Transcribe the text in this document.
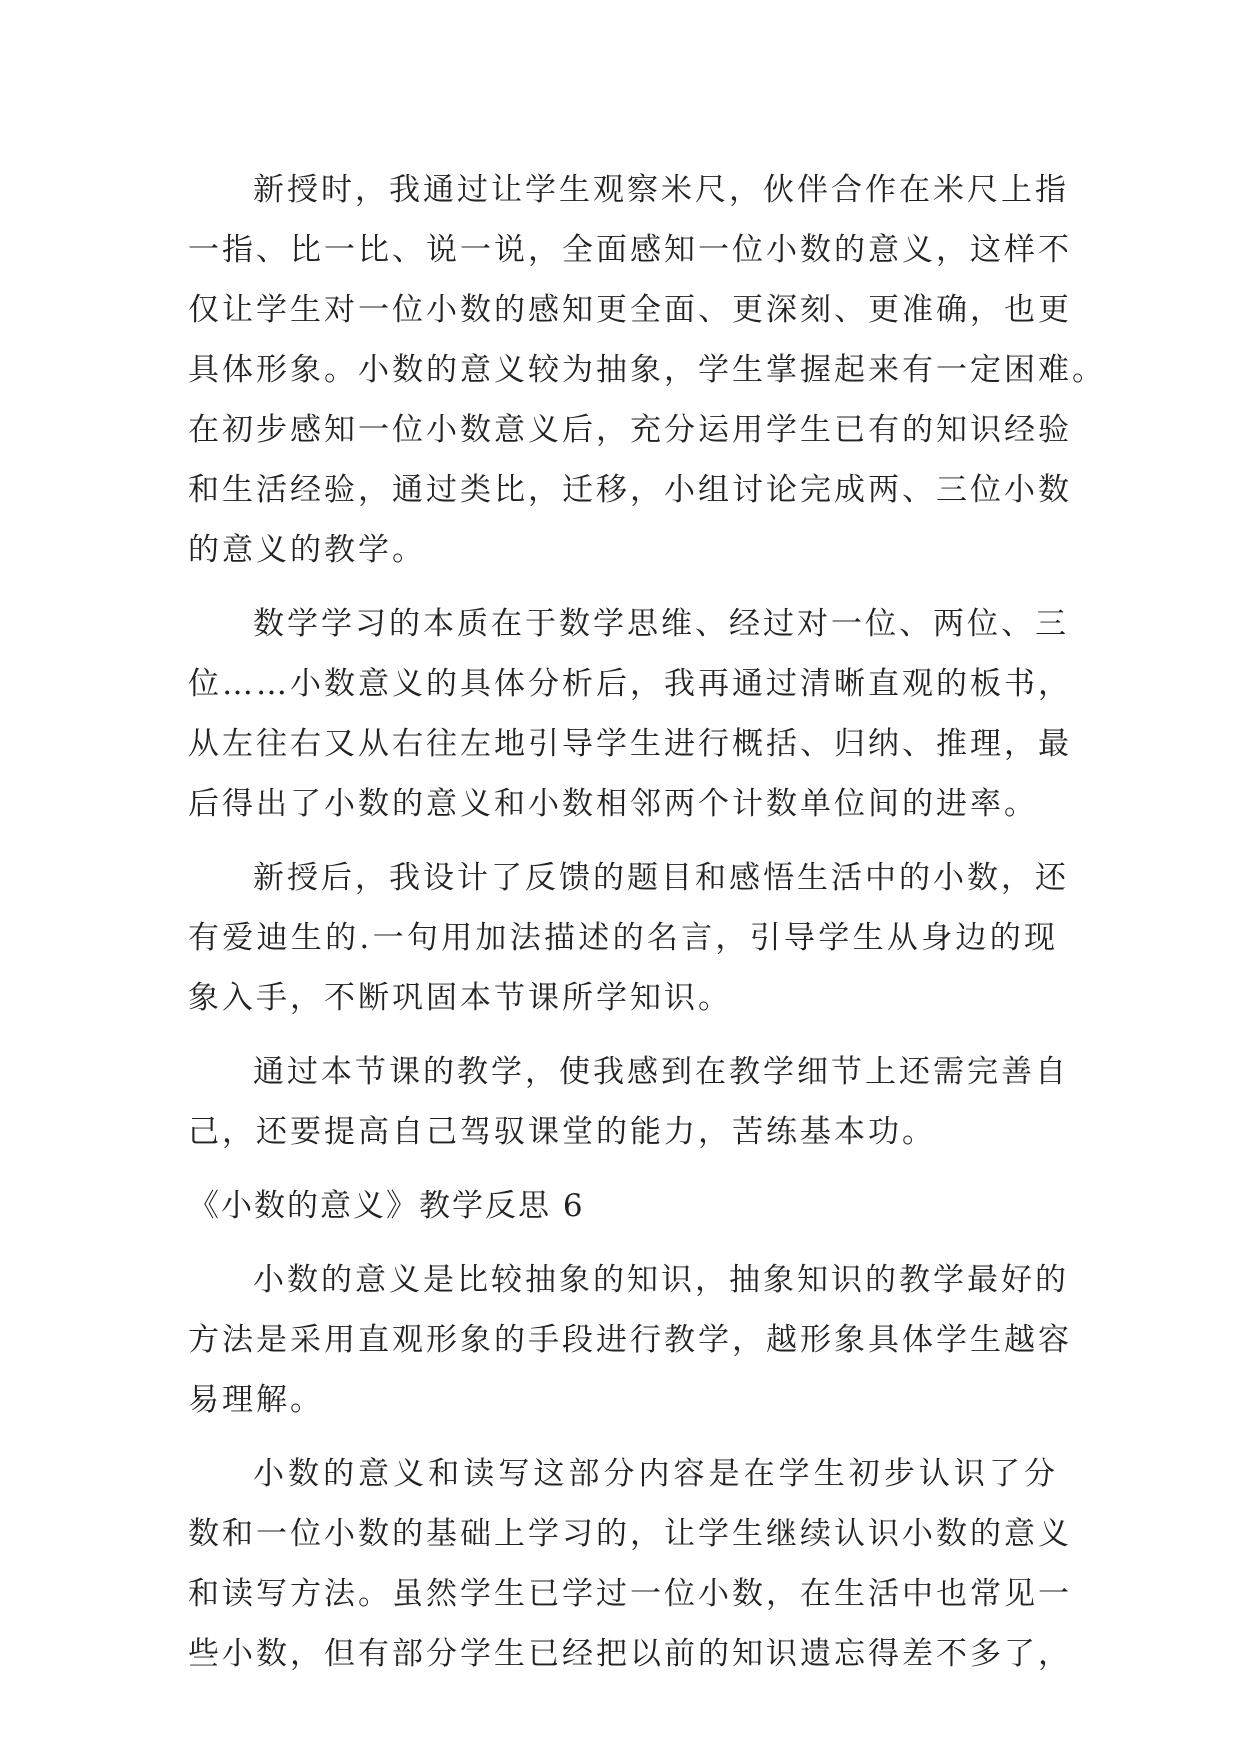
新授时，我通过让学生观察米尺，伙伴合作在米尺上指
一指、比一比、说一说，全面感知一位小数的意义，这样不
仅让学生对一位小数的感知更全面、更深刻、更准确，也更
具体形象。小数的意义较为抽象，学生掌握起来有一定困难。
在初步感知一位小数意义后，充分运用学生已有的知识经验
和生活经验，通过类比，迁移，小组讨论完成两、三位小数
的意义的教学。
数学学习的本质在于数学思维、经过对一位、两位、三
位……小数意义的具体分析后，我再通过清晰直观的板书，
从左往右又从右往左地引导学生进行概括、归纳、推理，最
后得出了小数的意义和小数相邻两个计数单位间的进率。
新授后，我设计了反馈的题目和感悟生活中的小数，还
有爱迪生的.一句用加法描述的名言，引导学生从身边的现
象入手，不断巩固本节课所学知识。
通过本节课的教学，使我感到在教学细节上还需完善自
己，还要提高自己驾驭课堂的能力，苦练基本功。
《小数的意义》教学反思 6
小数的意义是比较抽象的知识，抽象知识的教学最好的
方法是采用直观形象的手段进行教学，越形象具体学生越容
易理解。
小数的意义和读写这部分内容是在学生初步认识了分
数和一位小数的基础上学习的，让学生继续认识小数的意义
和读写方法。虽然学生已学过一位小数，在生活中也常见一
些小数，但有部分学生已经把以前的知识遗忘得差不多了，
